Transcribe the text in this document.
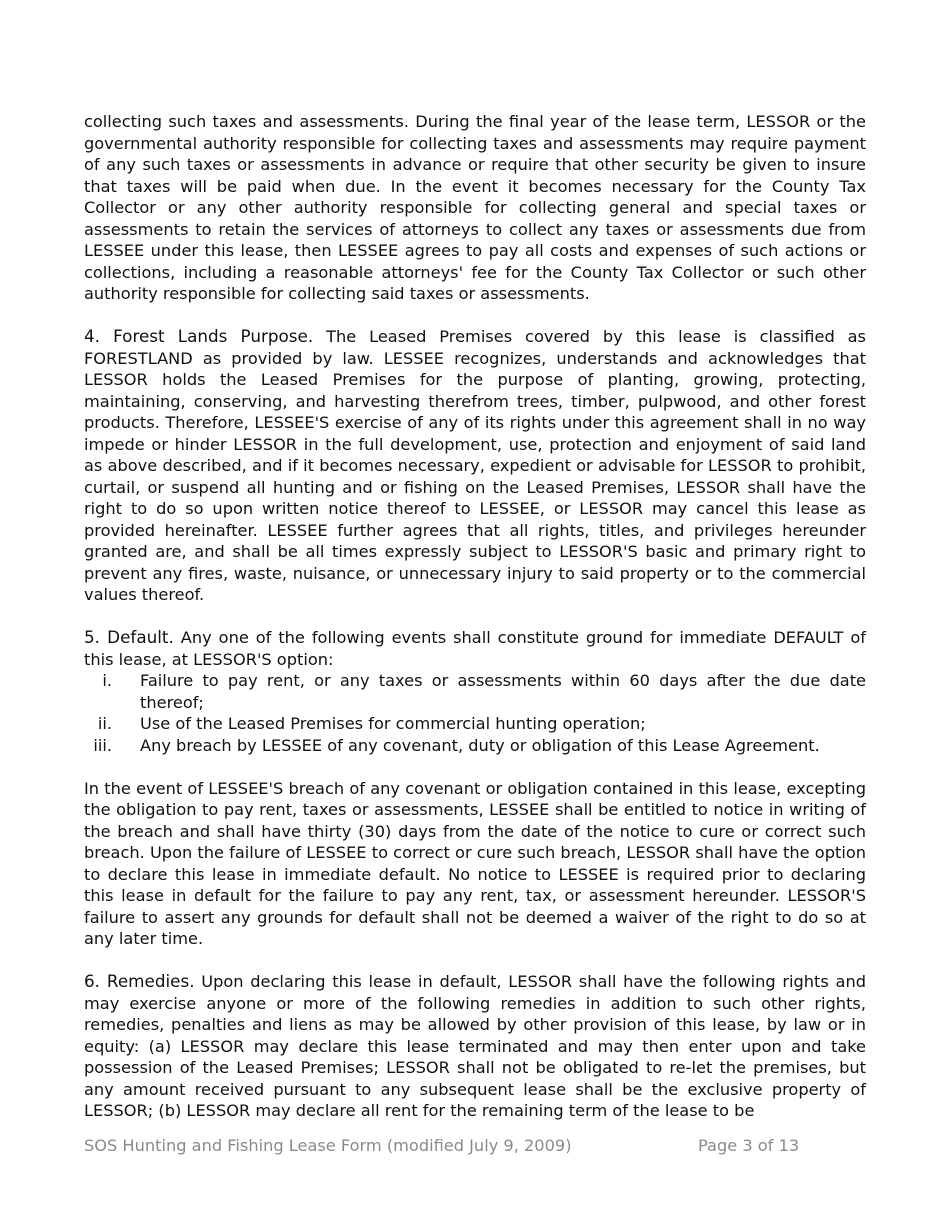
collecting such taxes and assessments. During the final year of the lease term, LESSOR or the governmental authority responsible for collecting taxes and assessments may require payment of any such taxes or assessments in advance or require that other security be given to insure that taxes will be paid when due. In the event it becomes necessary for the County Tax Collector or any other authority responsible for collecting general and special taxes or assessments to retain the services of attorneys to collect any taxes or assessments due from LESSEE under this lease, then LESSEE agrees to pay all costs and expenses of such actions or collections, including a reasonable attorneys' fee for the County Tax Collector or such other authority responsible for collecting said taxes or assessments.

4. Forest Lands Purpose. The Leased Premises covered by this lease is classified as FORESTLAND as provided by law. LESSEE recognizes, understands and acknowledges that LESSOR holds the Leased Premises for the purpose of planting, growing, protecting, maintaining, conserving, and harvesting therefrom trees, timber, pulpwood, and other forest products. Therefore, LESSEE'S exercise of any of its rights under this agreement shall in no way impede or hinder LESSOR in the full development, use, protection and enjoyment of said land as above described, and if it becomes necessary, expedient or advisable for LESSOR to prohibit, curtail, or suspend all hunting and or fishing on the Leased Premises, LESSOR shall have the right to do so upon written notice thereof to LESSEE, or LESSOR may cancel this lease as provided hereinafter. LESSEE further agrees that all rights, titles, and privileges hereunder granted are, and shall be all times expressly subject to LESSOR'S basic and primary right to prevent any fires, waste, nuisance, or unnecessary injury to said property or to the commercial values thereof.

5. Default. Any one of the following events shall constitute ground for immediate DEFAULT of this lease, at LESSOR'S option:

i. Failure to pay rent, or any taxes or assessments within 60 days after the due date thereof;
ii. Use of the Leased Premises for commercial hunting operation;
iii. Any breach by LESSEE of any covenant, duty or obligation of this Lease Agreement.

In the event of LESSEE'S breach of any covenant or obligation contained in this lease, excepting the obligation to pay rent, taxes or assessments, LESSEE shall be entitled to notice in writing of the breach and shall have thirty (30) days from the date of the notice to cure or correct such breach. Upon the failure of LESSEE to correct or cure such breach, LESSOR shall have the option to declare this lease in immediate default. No notice to LESSEE is required prior to declaring this lease in default for the failure to pay any rent, tax, or assessment hereunder. LESSOR'S failure to assert any grounds for default shall not be deemed a waiver of the right to do so at any later time.

6. Remedies. Upon declaring this lease in default, LESSOR shall have the following rights and may exercise anyone or more of the following remedies in addition to such other rights, remedies, penalties and liens as may be allowed by other provision of this lease, by law or in equity: (a) LESSOR may declare this lease terminated and may then enter upon and take possession of the Leased Premises; LESSOR shall not be obligated to re-let the premises, but any amount received pursuant to any subsequent lease shall be the exclusive property of LESSOR; (b) LESSOR may declare all rent for the remaining term of the lease to be

SOS Hunting and Fishing Lease Form (modified July 9, 2009)	Page 3 of 13
